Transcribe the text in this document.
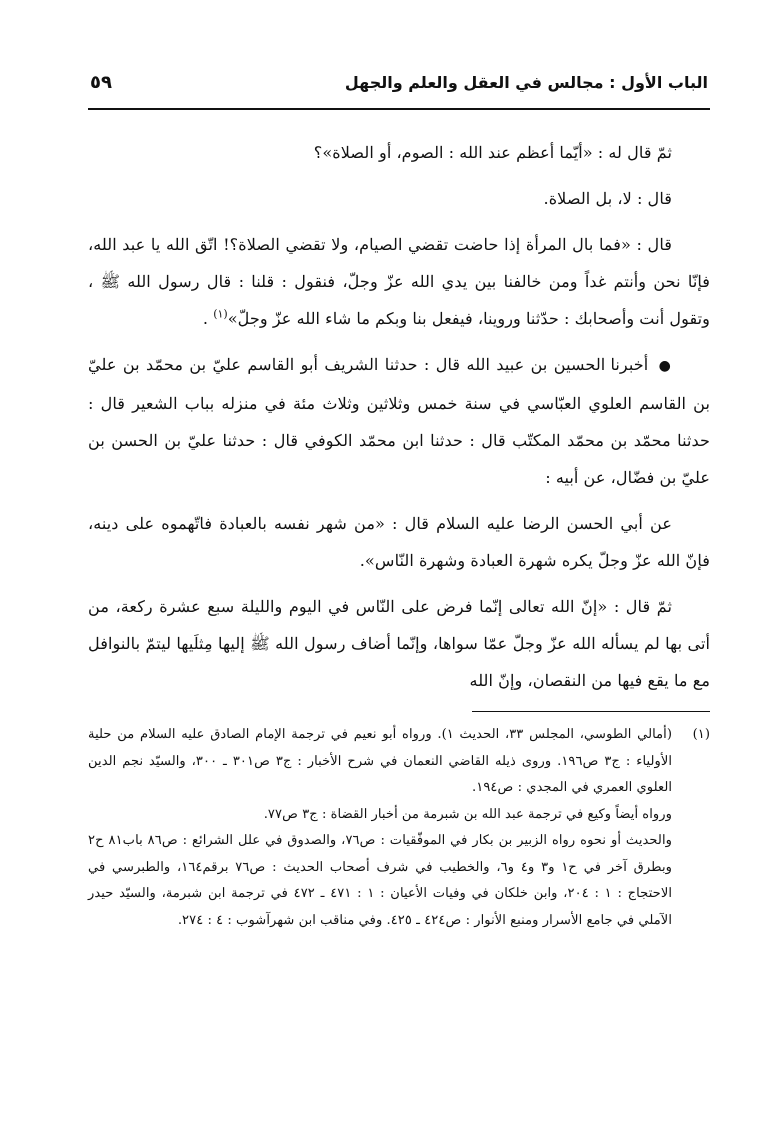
الباب الأول : مجالس في العقل والعلم والجهل
٥٩

ثمّ قال له : «أيّما أعظم عند الله : الصوم، أو الصلاة»؟

قال : لا، بل الصلاة.

قال : «فما بال المرأة إذا حاضت تقضي الصيام، ولا تقضي الصلاة؟! اتّق الله يا عبد الله، فإنّا نحن وأنتم غداً ومن خالفنا بين يدي الله عزّ وجلّ، فنقول : قلنا : قال رسول الله ﷺ ، وتقول أنت وأصحابك : حدّثنا وروينا، فيفعل بنا وبكم ما شاء الله عزّ وجلّ»$^{(١)}$ .

● أخبرنا الحسين بن عبيد الله قال : حدثنا الشريف أبو القاسم عليّ بن محمّد بن عليّ بن القاسم العلوي العبّاسي في سنة خمس وثلاثين وثلاث مئة في منزله بباب الشعير قال : حدثنا محمّد بن محمّد المكتّب قال : حدثنا ابن محمّد الكوفي قال : حدثنا عليّ بن الحسن بن عليّ بن فضّال، عن أبيه :

عن أبي الحسن الرضا عليه السلام قال : «من شهر نفسه بالعبادة فاتّهموه على دينه، فإنّ الله عزّ وجلّ يكره شهرة العبادة وشهرة النّاس».

ثمّ قال : «إنّ الله تعالى إنّما فرض على النّاس في اليوم والليلة سبع عشرة ركعة، من أتى بها لم يسأله الله عزّ وجلّ عمّا سواها، وإنّما أضاف رسول الله ﷺ إليها مِثلَيها ليتمّ بالنوافل مع ما يقع فيها من النقصان، وإنّ الله

(١)

(أمالي الطوسي، المجلس ٣٣، الحديث ١). ورواه أبو نعيم في ترجمة الإمام الصادق عليه السلام من حلية الأولياء : ج٣ ص١٩٦. وروى ذيله القاضي النعمان في شرح الأخبار : ج٣ ص٣٠١ ـ ٣٠٠، والسيّد نجم الدين العلوي العمري في المجدي : ص١٩٤.

ورواه أيضاً وكيع في ترجمة عبد الله بن شبرمة من أخبار القضاة : ج٣ ص٧٧.

والحديث أو نحوه رواه الزبير بن بكار في الموفّقيات : ص٧٦، والصدوق في علل الشرائع : ص٨٦ باب٨١ ح٢ وبطرق آخر في ح١ و٣ و٤ و٦، والخطيب في شرف أصحاب الحديث : ص٧٦ برقم١٦٤، والطبرسي في الاحتجاج : ١ : ٢٠٤، وابن خلكان في وفيات الأعيان : ١ : ٤٧١ ـ ٤٧٢ في ترجمة ابن شبرمة، والسيّد حيدر الآملي في جامع الأسرار ومنبع الأنوار : ص٤٢٤ ـ ٤٢٥. وفي مناقب ابن شهرآشوب : ٤ : ٢٧٤.
